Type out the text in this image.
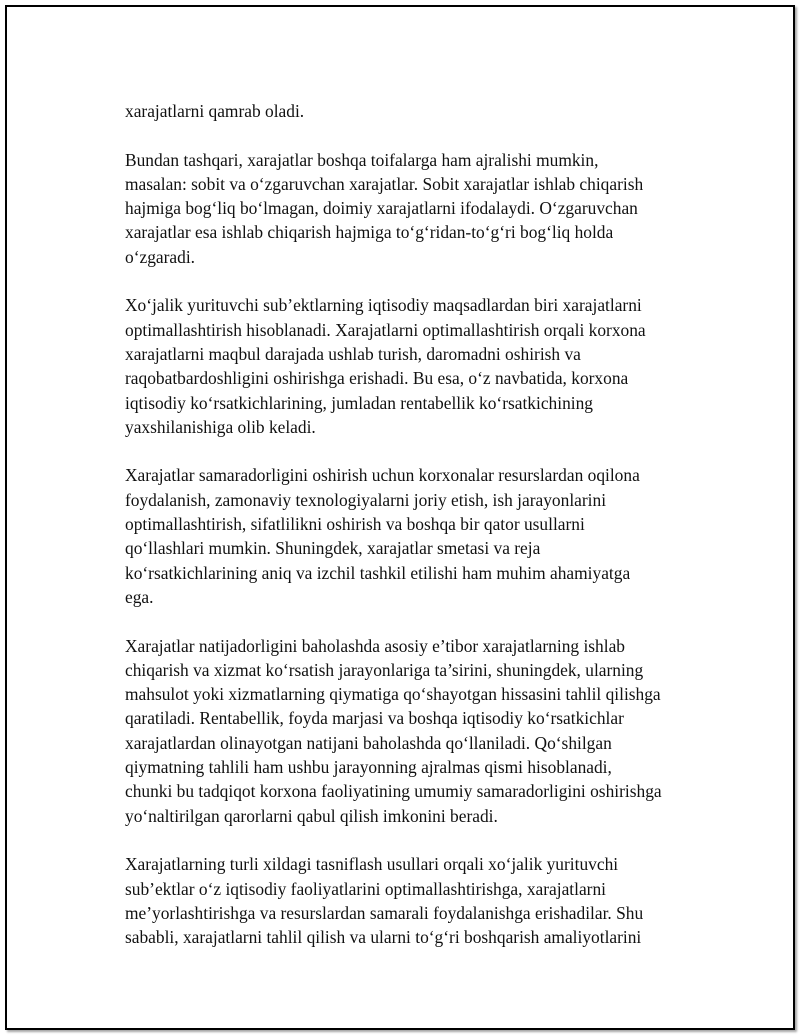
xarajatlarni qamrab oladi.

Bundan tashqari, xarajatlar boshqa toifalarga ham ajralishi mumkin,
masalan: sobit va o‘zgaruvchan xarajatlar. Sobit xarajatlar ishlab chiqarish
hajmiga bog‘liq bo‘lmagan, doimiy xarajatlarni ifodalaydi. O‘zgaruvchan
xarajatlar esa ishlab chiqarish hajmiga to‘g‘ridan-to‘g‘ri bog‘liq holda
o‘zgaradi.

Xo‘jalik yurituvchi sub’ektlarning iqtisodiy maqsadlardan biri xarajatlarni
optimallashtirish hisoblanadi. Xarajatlarni optimallashtirish orqali korxona
xarajatlarni maqbul darajada ushlab turish, daromadni oshirish va
raqobatbardoshligini oshirishga erishadi. Bu esa, o‘z navbatida, korxona
iqtisodiy ko‘rsatkichlarining, jumladan rentabellik ko‘rsatkichining
yaxshilanishiga olib keladi.

Xarajatlar samaradorligini oshirish uchun korxonalar resurslardan oqilona
foydalanish, zamonaviy texnologiyalarni joriy etish, ish jarayonlarini
optimallashtirish, sifatlilikni oshirish va boshqa bir qator usullarni
qo‘llashlari mumkin. Shuningdek, xarajatlar smetasi va reja
ko‘rsatkichlarining aniq va izchil tashkil etilishi ham muhim ahamiyatga
ega.

Xarajatlar natijadorligini baholashda asosiy e’tibor xarajatlarning ishlab
chiqarish va xizmat ko‘rsatish jarayonlariga ta’sirini, shuningdek, ularning
mahsulot yoki xizmatlarning qiymatiga qo‘shayotgan hissasini tahlil qilishga
qaratiladi. Rentabellik, foyda marjasi va boshqa iqtisodiy ko‘rsatkichlar
xarajatlardan olinayotgan natijani baholashda qo‘llaniladi. Qo‘shilgan
qiymatning tahlili ham ushbu jarayonning ajralmas qismi hisoblanadi,
chunki bu tadqiqot korxona faoliyatining umumiy samaradorligini oshirishga
yo‘naltirilgan qarorlarni qabul qilish imkonini beradi.

Xarajatlarning turli xildagi tasniflash usullari orqali xo‘jalik yurituvchi
sub’ektlar o‘z iqtisodiy faoliyatlarini optimallashtirishga, xarajatlarni
me’yorlashtirishga va resurslardan samarali foydalanishga erishadilar. Shu
sababli, xarajatlarni tahlil qilish va ularni to‘g‘ri boshqarish amaliyotlarini
